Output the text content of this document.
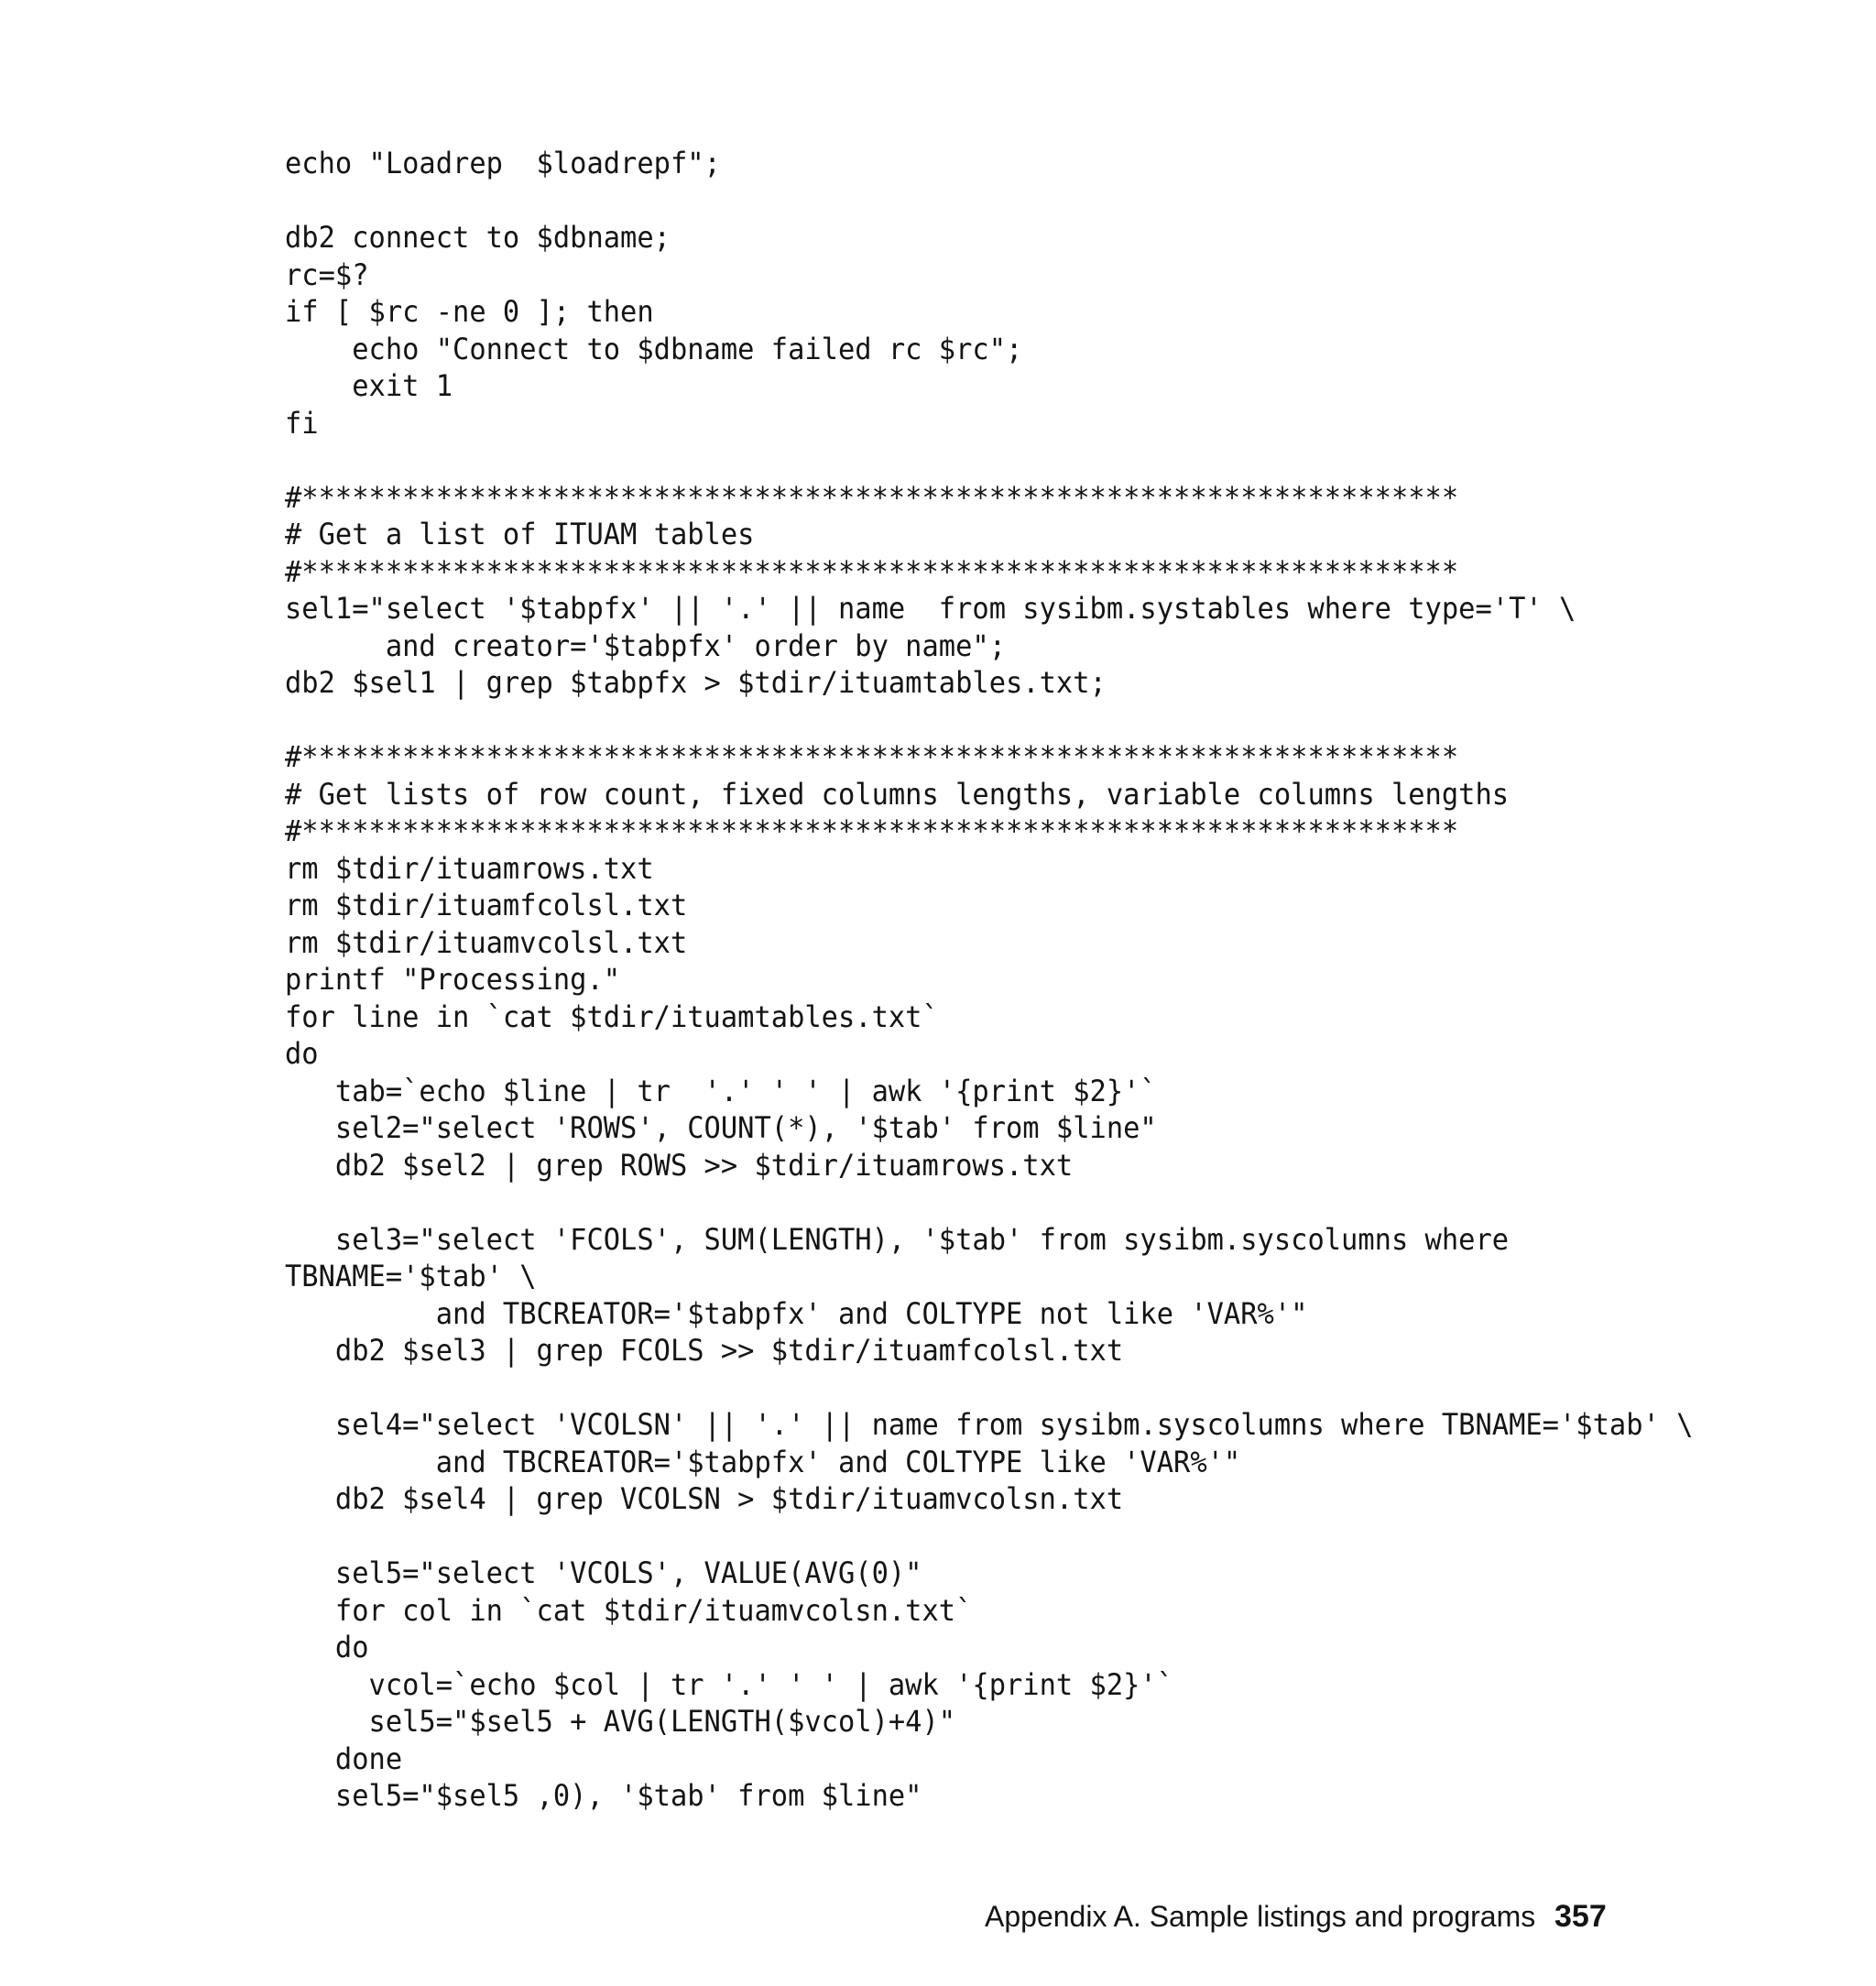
echo "Loadrep  $loadrepf";
db2 connect to $dbname;
rc=$?
if [ $rc -ne 0 ]; then
echo "Connect to $dbname failed rc $rc";
exit 1
fi
#*********************************************************************
# Get a list of ITUAM tables
#*********************************************************************
sel1="select '$tabpfx' || '.' || name  from sysibm.systables where type='T' \
and creator='$tabpfx' order by name";
db2 $sel1 | grep $tabpfx > $tdir/ituamtables.txt;
#*********************************************************************
# Get lists of row count, fixed columns lengths, variable columns lengths
#*********************************************************************
rm $tdir/ituamrows.txt
rm $tdir/ituamfcolsl.txt
rm $tdir/ituamvcolsl.txt
printf "Processing."
for line in `cat $tdir/ituamtables.txt`
do
tab=`echo $line | tr  '.' ' ' | awk '{print $2}'`
sel2="select 'ROWS', COUNT(*), '$tab' from $line"
db2 $sel2 | grep ROWS >> $tdir/ituamrows.txt
sel3="select 'FCOLS', SUM(LENGTH), '$tab' from sysibm.syscolumns where
TBNAME='$tab' \
and TBCREATOR='$tabpfx' and COLTYPE not like 'VAR%'"
db2 $sel3 | grep FCOLS >> $tdir/ituamfcolsl.txt
sel4="select 'VCOLSN' || '.' || name from sysibm.syscolumns where TBNAME='$tab' \
and TBCREATOR='$tabpfx' and COLTYPE like 'VAR%'"
db2 $sel4 | grep VCOLSN > $tdir/ituamvcolsn.txt
sel5="select 'VCOLS', VALUE(AVG(0)"
for col in `cat $tdir/ituamvcolsn.txt`
do
vcol=`echo $col | tr '.' ' ' | awk '{print $2}'`
sel5="$sel5 + AVG(LENGTH($vcol)+4)"
done
sel5="$sel5 ,0), '$tab' from $line"
Appendix A. Sample listings and programs 357
